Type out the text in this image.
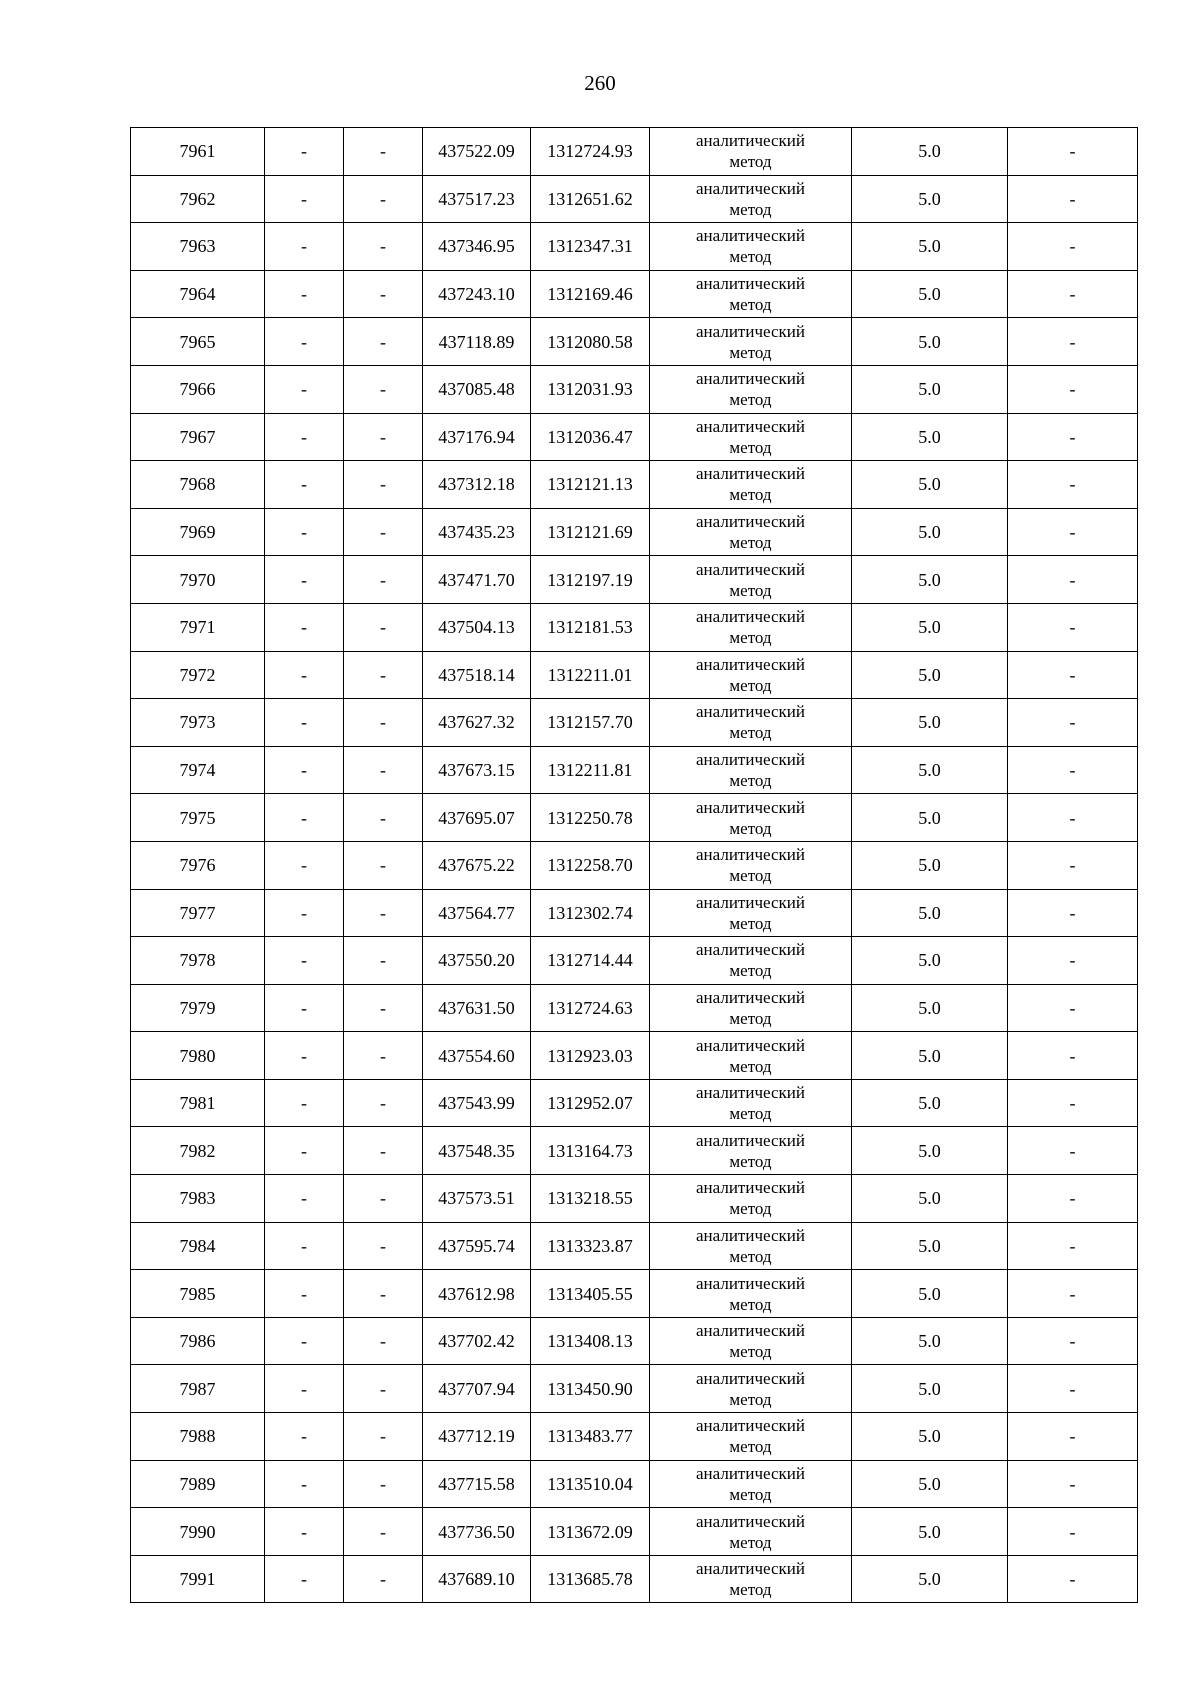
260
7961	-	-	437522.09	1312724.93	аналитический
метод	5.0	-
7962	-	-	437517.23	1312651.62	аналитический
метод	5.0	-
7963	-	-	437346.95	1312347.31	аналитический
метод	5.0	-
7964	-	-	437243.10	1312169.46	аналитический
метод	5.0	-
7965	-	-	437118.89	1312080.58	аналитический
метод	5.0	-
7966	-	-	437085.48	1312031.93	аналитический
метод	5.0	-
7967	-	-	437176.94	1312036.47	аналитический
метод	5.0	-
7968	-	-	437312.18	1312121.13	аналитический
метод	5.0	-
7969	-	-	437435.23	1312121.69	аналитический
метод	5.0	-
7970	-	-	437471.70	1312197.19	аналитический
метод	5.0	-
7971	-	-	437504.13	1312181.53	аналитический
метод	5.0	-
7972	-	-	437518.14	1312211.01	аналитический
метод	5.0	-
7973	-	-	437627.32	1312157.70	аналитический
метод	5.0	-
7974	-	-	437673.15	1312211.81	аналитический
метод	5.0	-
7975	-	-	437695.07	1312250.78	аналитический
метод	5.0	-
7976	-	-	437675.22	1312258.70	аналитический
метод	5.0	-
7977	-	-	437564.77	1312302.74	аналитический
метод	5.0	-
7978	-	-	437550.20	1312714.44	аналитический
метод	5.0	-
7979	-	-	437631.50	1312724.63	аналитический
метод	5.0	-
7980	-	-	437554.60	1312923.03	аналитический
метод	5.0	-
7981	-	-	437543.99	1312952.07	аналитический
метод	5.0	-
7982	-	-	437548.35	1313164.73	аналитический
метод	5.0	-
7983	-	-	437573.51	1313218.55	аналитический
метод	5.0	-
7984	-	-	437595.74	1313323.87	аналитический
метод	5.0	-
7985	-	-	437612.98	1313405.55	аналитический
метод	5.0	-
7986	-	-	437702.42	1313408.13	аналитический
метод	5.0	-
7987	-	-	437707.94	1313450.90	аналитический
метод	5.0	-
7988	-	-	437712.19	1313483.77	аналитический
метод	5.0	-
7989	-	-	437715.58	1313510.04	аналитический
метод	5.0	-
7990	-	-	437736.50	1313672.09	аналитический
метод	5.0	-
7991	-	-	437689.10	1313685.78	аналитический
метод	5.0	-
